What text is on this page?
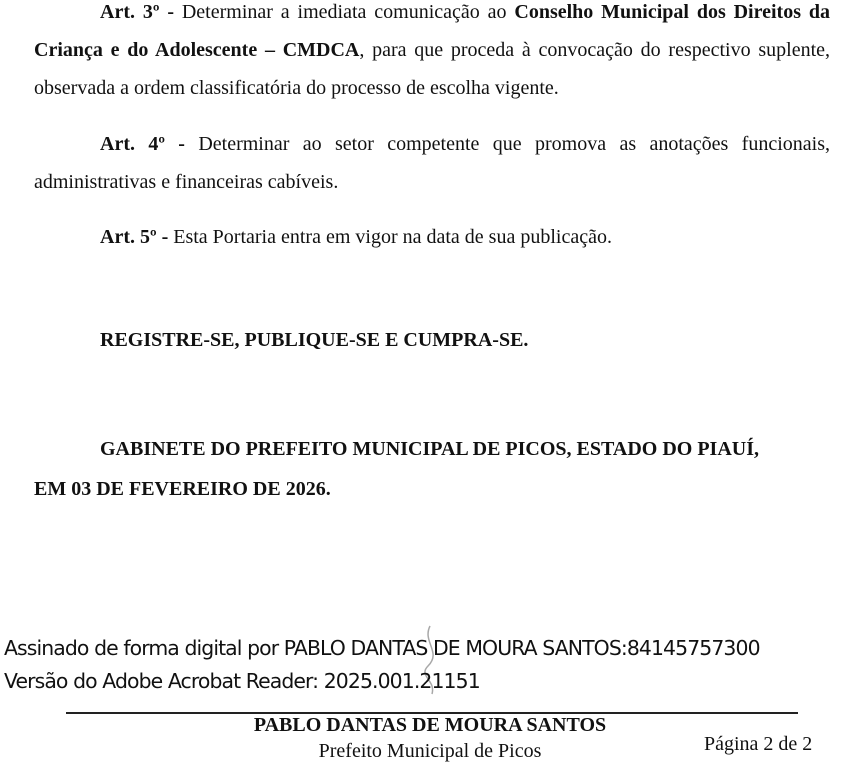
Art. 3º - Determinar a imediata comunicação ao Conselho Municipal dos Direitos da Criança e do Adolescente – CMDCA, para que proceda à convocação do respectivo suplente, observada a ordem classificatória do processo de escolha vigente.

Art. 4º - Determinar ao setor competente que promova as anotações funcionais, administrativas e financeiras cabíveis.

Art. 5º - Esta Portaria entra em vigor na data de sua publicação.

REGISTRE-SE, PUBLIQUE-SE E CUMPRA-SE.

GABINETE DO PREFEITO MUNICIPAL DE PICOS, ESTADO DO PIAUÍ,
EM 03 DE FEVEREIRO DE 2026.
Assinado de forma digital por PABLO DANTAS DE MOURA SANTOS:84145757300
Versão do Adobe Acrobat Reader: 2025.001.21151
PABLO DANTAS DE MOURA SANTOS
Prefeito Municipal de Picos	Página 2 de 2
